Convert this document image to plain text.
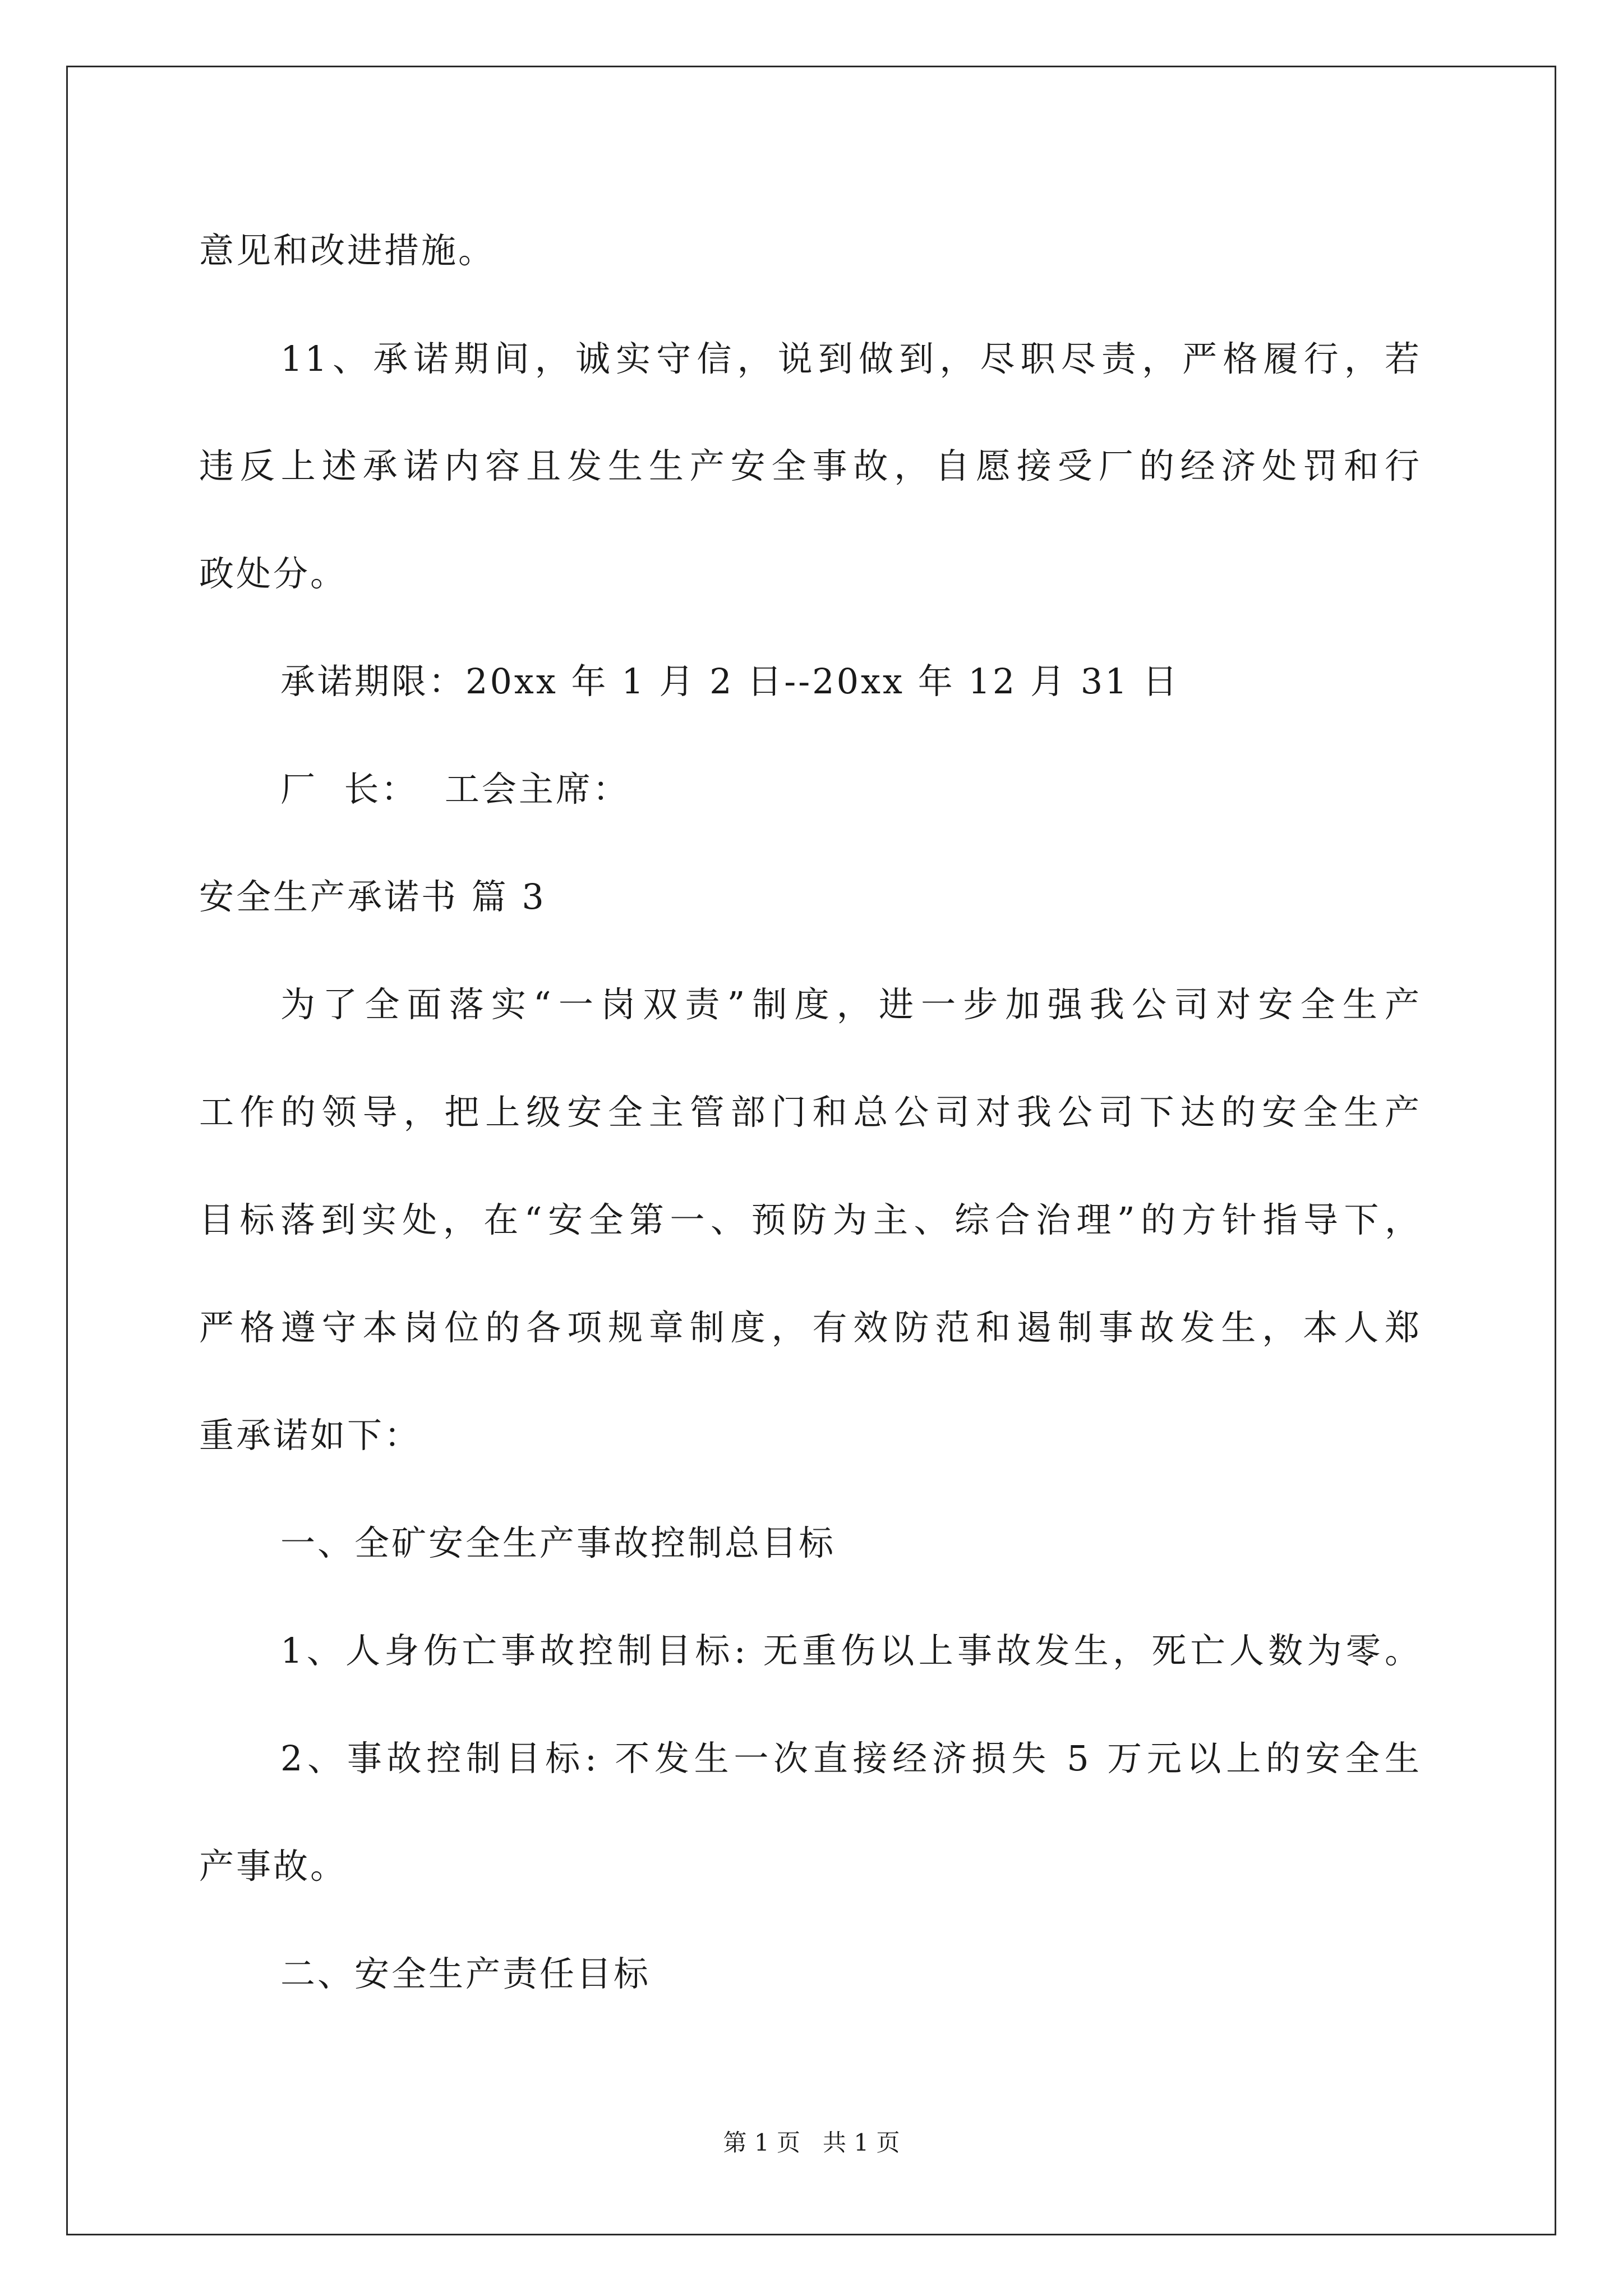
意见和改进措施。
11、承诺期间，诚实守信，说到做到，尽职尽责，严格履行，若
违反上述承诺内容且发生生产安全事故，自愿接受厂的经济处罚和行
政处分。
承诺期限：20xx 年 1 月 2 日--20xx 年 12 月 31 日
厂  长：  工会主席：
安全生产承诺书 篇 3
为了全面落实“一岗双责”制度，进一步加强我公司对安全生产
工作的领导，把上级安全主管部门和总公司对我公司下达的安全生产
目标落到实处，在“安全第一、预防为主、综合治理”的方针指导下，
严格遵守本岗位的各项规章制度，有效防范和遏制事故发生，本人郑
重承诺如下：
一、全矿安全生产事故控制总目标
1、人身伤亡事故控制目标: 无重伤以上事故发生，死亡人数为零。
2、事故控制目标: 不发生一次直接经济损失 5 万元以上的安全生
产事故。
二、安全生产责任目标
第 1 页   共 1 页
